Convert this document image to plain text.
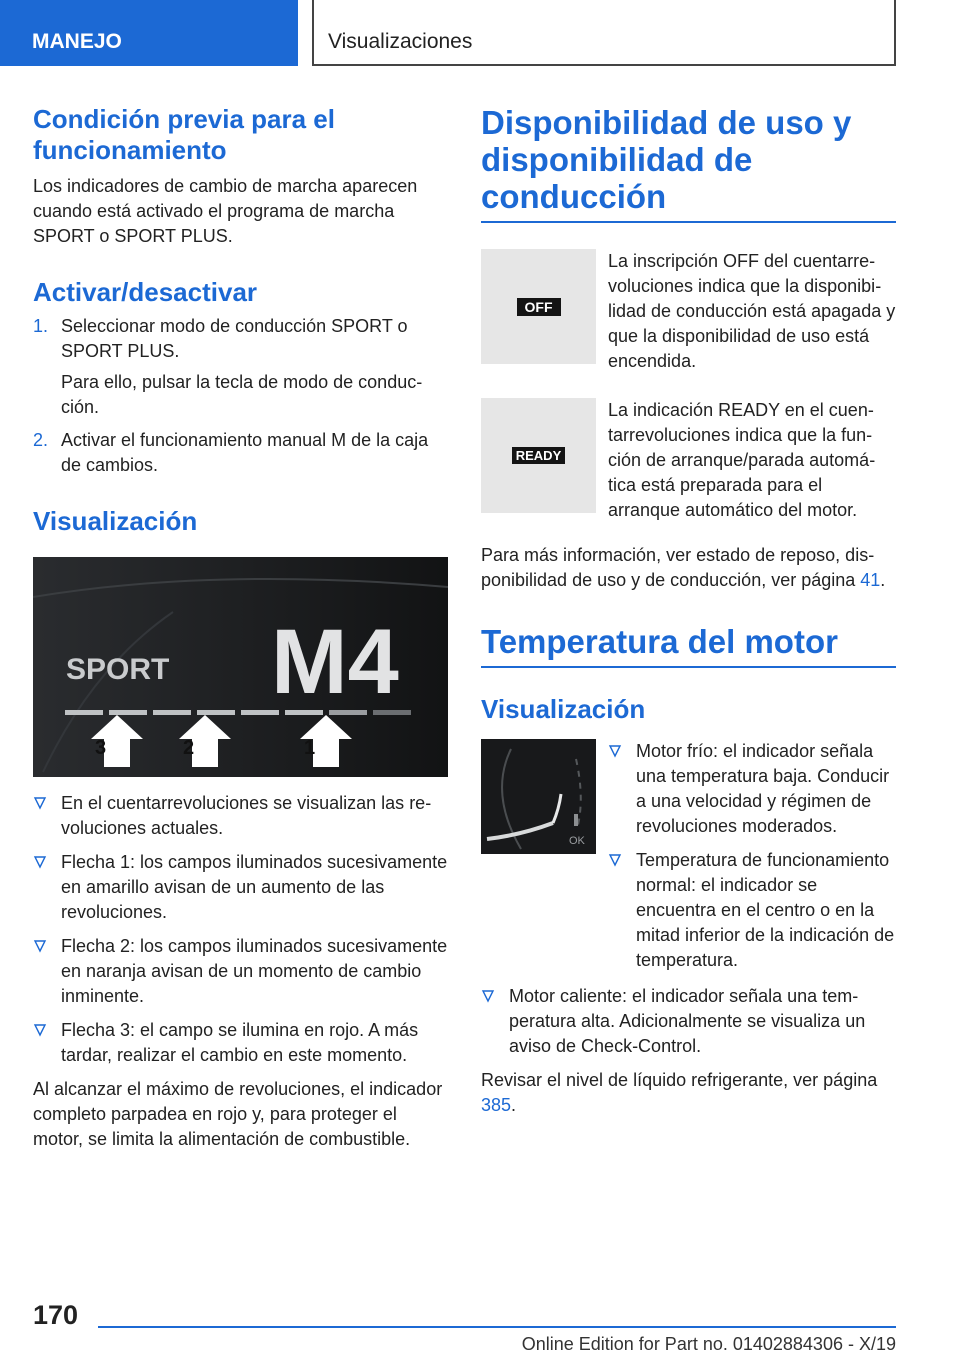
MANEJO	Visualizaciones
Condición previa para el funcionamiento

Los indicadores de cambio de marcha aparecen cuando está activado el programa de marcha SPORT o SPORT PLUS.

Activar/desactivar
1. Seleccionar modo de conducción SPORT o SPORT PLUS.

Para ello, pulsar la tecla de modo de conducción.

2. Activar el funcionamiento manual M de la caja de cambios.
Visualización
SPORT M4
3	2	1
En el cuentarrevoluciones se visualizan las revoluciones actuales.
Flecha 1: los campos iluminados sucesivamente en amarillo avisan de un aumento de las revoluciones.
Flecha 2: los campos iluminados sucesivamente en naranja avisan de un momento de cambio inminente.
Flecha 3: el campo se ilumina en rojo. A más tardar, realizar el cambio en este momento.

Al alcanzar el máximo de revoluciones, el indicador completo parpadea en rojo y, para proteger el motor, se limita la alimentación de combustible.

Disponibilidad de uso y disponibilidad de conducción
OFF

La inscripción OFF del cuentarrevoluciones indica que la disponibilidad de conducción está apagada y que la disponibilidad de uso está encendida.

READY

La indicación READY en el cuentarrevoluciones indica que la función de arranque/parada automática está preparada para el arranque automático del motor.

Para más información, ver estado de reposo, disponibilidad de uso y de conducción, ver página 41.

Temperatura del motor
Visualización
OK
Motor frío: el indicador señala una temperatura baja. Conducir a una velocidad y régimen de revoluciones moderados.
Temperatura de funcionamiento normal: el indicador se encuentra en el centro o en la mitad inferior de la indicación de temperatura.
Motor caliente: el indicador señala una temperatura alta. Adicionalmente se visualiza un aviso de Check-Control.

Revisar el nivel de líquido refrigerante, ver página 385.

170
Online Edition for Part no. 01402884306 - X/19
